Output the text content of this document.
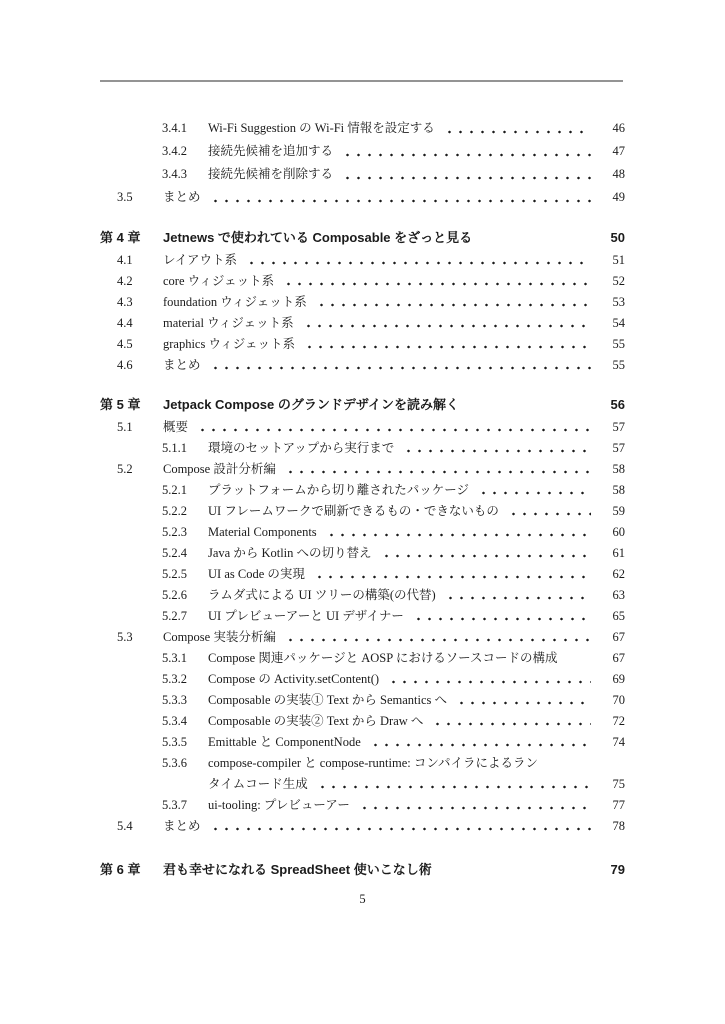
3.4.1	Wi-Fi Suggestion の Wi-Fi 情報を設定する	46
3.4.2	接続先候補を追加する	47
3.4.3	接続先候補を削除する	48
3.5	まとめ	49
第 4 章	Jetnews で使われている Composable をざっと見る	50
4.1	レイアウト系	51
4.2	core ウィジェット系	52
4.3	foundation ウィジェット系	53
4.4	material ウィジェット系	54
4.5	graphics ウィジェット系	55
4.6	まとめ	55
第 5 章	Jetpack Compose のグランドデザインを読み解く	56
5.1	概要	57
5.1.1	環境のセットアップから実行まで	57
5.2	Compose 設計分析編	58
5.2.1	プラットフォームから切り離されたパッケージ	58
5.2.2	UI フレームワークで刷新できるもの・できないもの	59
5.2.3	Material Components	60
5.2.4	Java から Kotlin への切り替え	61
5.2.5	UI as Code の実現	62
5.2.6	ラムダ式による UI ツリーの構築(の代替)	63
5.2.7	UI プレビューアーと UI デザイナー	65
5.3	Compose 実装分析編	67
5.3.1	Compose 関連パッケージと AOSP におけるソースコードの構成	67
5.3.2	Compose の Activity.setContent()	69
5.3.3	Composable の実装① Text から Semantics へ	70
5.3.4	Composable の実装② Text から Draw へ	72
5.3.5	Emittable と ComponentNode	74
5.3.6	compose-compiler と compose-runtime: コンパイラによるラン
タイムコード生成	75
5.3.7	ui-tooling: プレビューアー	77
5.4	まとめ	78
第 6 章	君も幸せになれる SpreadSheet 使いこなし術	79
5
